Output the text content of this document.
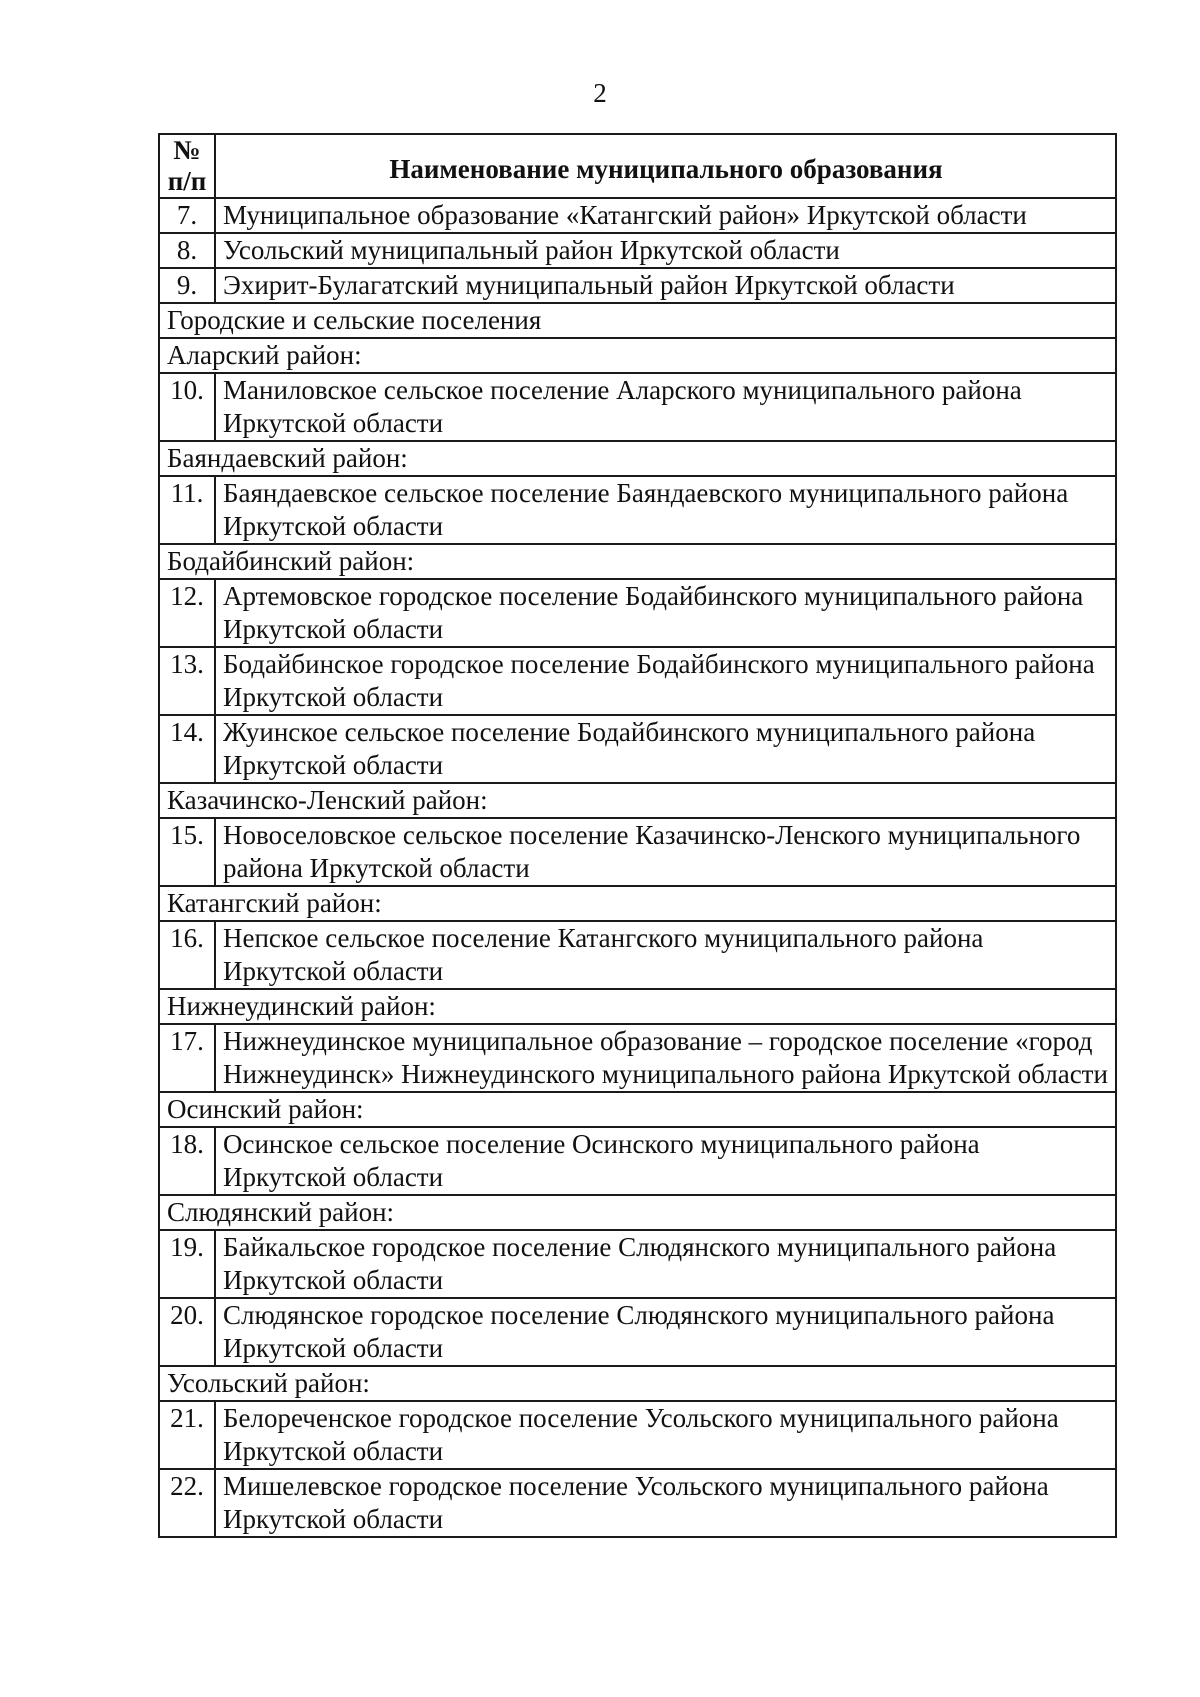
2
№
п/п	Наименование муниципального образования
7.	Муниципальное образование «Катангский район» Иркутской области
8.	Усольский муниципальный район Иркутской области
9.	Эхирит-Булагатский муниципальный район Иркутской области
Городские и сельские поселения	
Аларский район:	
10.	Маниловское сельское поселение Аларского муниципального района Иркутской области
Баяндаевский район:	
11.	Баяндаевское сельское поселение Баяндаевского муниципального района Иркутской области
Бодайбинский район:	
12.	Артемовское городское поселение Бодайбинского муниципального района Иркутской области
13.	Бодайбинское городское поселение Бодайбинского муниципального района Иркутской области
14.	Жуинское сельское поселение Бодайбинского муниципального района Иркутской области
Казачинско-Ленский район:	
15.	Новоселовское сельское поселение Казачинско-Ленского муниципального района Иркутской области
Катангский район:	
16.	Непское сельское поселение Катангского муниципального района Иркутской области
Нижнеудинский район:	
17.	Нижнеудинское муниципальное образование – городское поселение «город Нижнеудинск» Нижнеудинского муниципального района Иркутской области
Осинский район:	
18.	Осинское сельское поселение Осинского муниципального района Иркутской области
Слюдянский район:	
19.	Байкальское городское поселение Слюдянского муниципального района Иркутской области
20.	Слюдянское городское поселение Слюдянского муниципального района Иркутской области
Усольский район:	
21.	Белореченское городское поселение Усольского муниципального района Иркутской области
22.	Мишелевское городское поселение Усольского муниципального района Иркутской области
